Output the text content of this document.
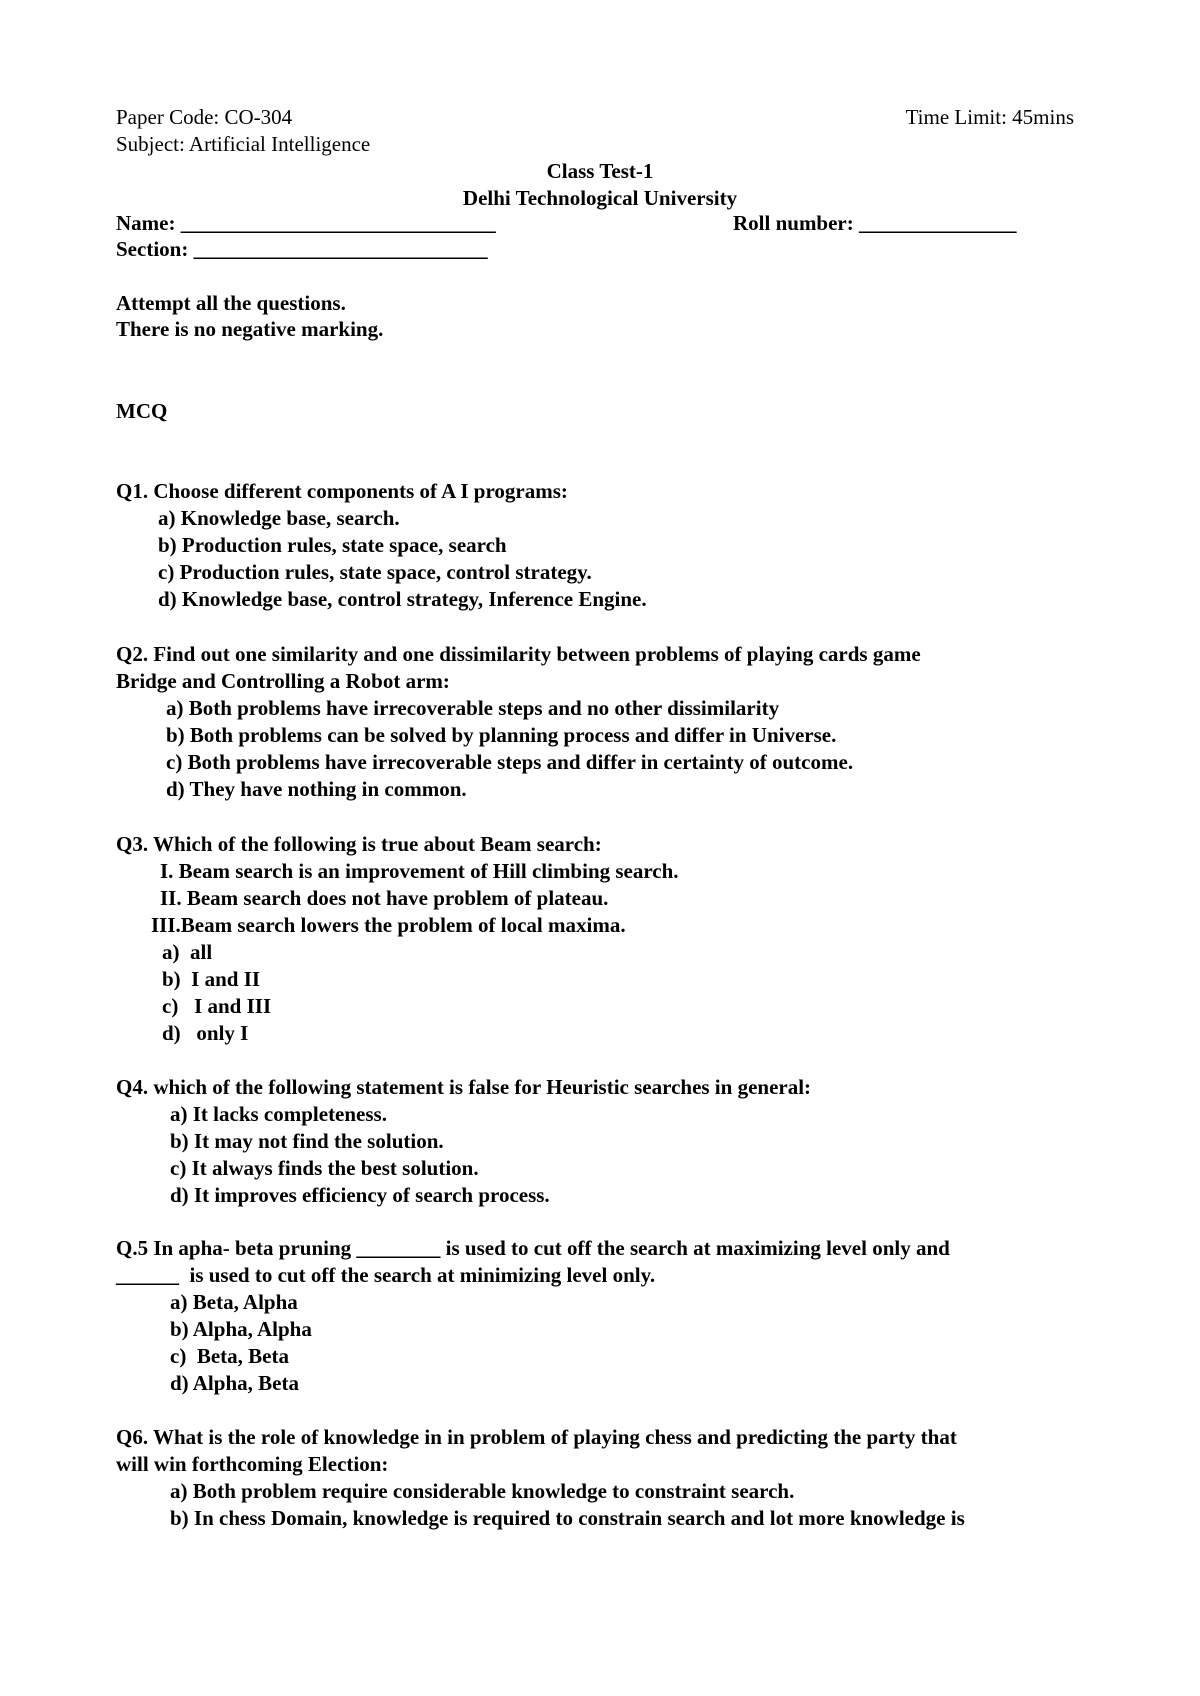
Paper Code: CO-304	Time Limit: 45mins
Subject: Artificial Intelligence
Class Test-1
Delhi Technological University
Name: ______________________________	Roll number: _______________
Section: ____________________________
Attempt all the questions.
There is no negative marking.
MCQ
Q1. Choose different components of A I programs:
a) Knowledge base, search.
b) Production rules, state space, search
c) Production rules, state space, control strategy.
d) Knowledge base, control strategy, Inference Engine.
Q2. Find out one similarity and one dissimilarity between problems of playing cards game
Bridge and Controlling a Robot arm:
a) Both problems have irrecoverable steps and no other dissimilarity
b) Both problems can be solved by planning process and differ in Universe.
c) Both problems have irrecoverable steps and differ in certainty of outcome.
d) They have nothing in common.
Q3. Which of the following is true about Beam search:
I. Beam search is an improvement of Hill climbing search.
II. Beam search does not have problem of plateau.
III.Beam search lowers the problem of local maxima.
a)  all
b)  I and II
c)   I and III
d)   only I
Q4. which of the following statement is false for Heuristic searches in general:
a) It lacks completeness.
b) It may not find the solution.
c) It always finds the best solution.
d) It improves efficiency of search process.
Q.5 In apha- beta pruning ________ is used to cut off the search at maximizing level only and
______  is used to cut off the search at minimizing level only.
a) Beta, Alpha
b) Alpha, Alpha
c)  Beta, Beta
d) Alpha, Beta
Q6. What is the role of knowledge in in problem of playing chess and predicting the party that
will win forthcoming Election:
a) Both problem require considerable knowledge to constraint search.
b) In chess Domain, knowledge is required to constrain search and lot more knowledge is
